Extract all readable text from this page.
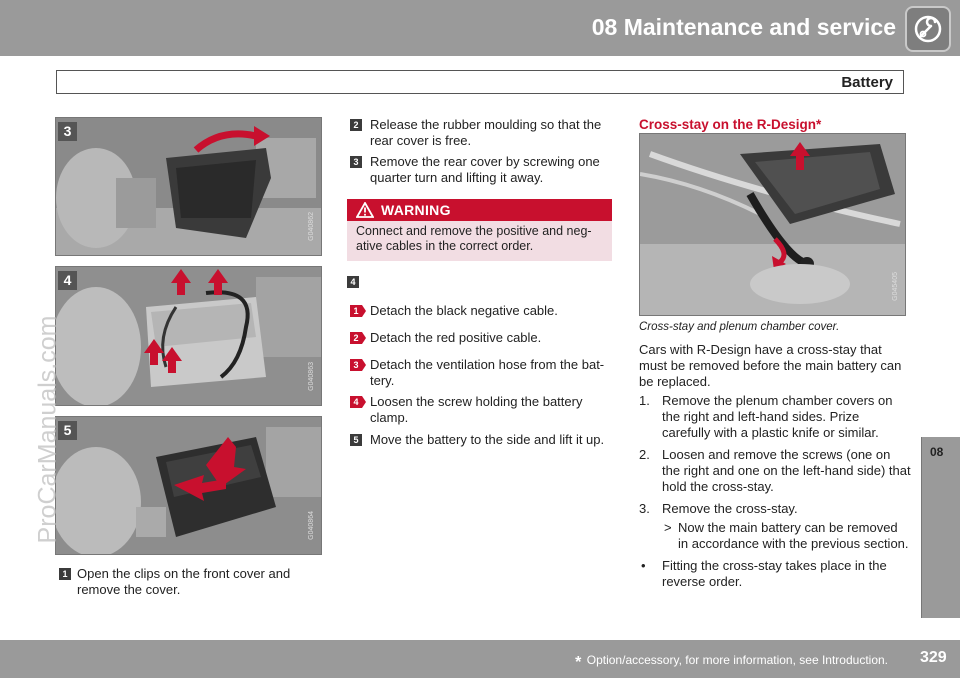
08 Maintenance and service
Battery
3
G040862
4
G040863
5
G040864
1 Open the clips on the front cover and remove the cover.
2 Release the rubber moulding so that the rear cover is free.
3 Remove the rear cover by screwing one quarter turn and lifting it away.
WARNING
Connect and remove the positive and neg-ative cables in the correct order.
4
1 Detach the black negative cable.
2 Detach the red positive cable.
3 Detach the ventilation hose from the bat-tery.
4 Loosen the screw holding the battery clamp.
5 Move the battery to the side and lift it up.
Cross-stay on the R-Design*
G045405
Cross-stay and plenum chamber cover.
Cars with R-Design have a cross-stay that must be removed before the main battery can be replaced.
1. Remove the plenum chamber covers on the right and left-hand sides. Prize carefully with a plastic knife or similar.
2. Loosen and remove the screws (one on the right and one on the left-hand side) that hold the cross-stay.
3. Remove the cross-stay.
> Now the main battery can be removed in accordance with the previous section.
•	Fitting the cross-stay takes place in the reverse order.
08
ProCarManuals.com
* Option/accessory, for more information, see Introduction. 329
